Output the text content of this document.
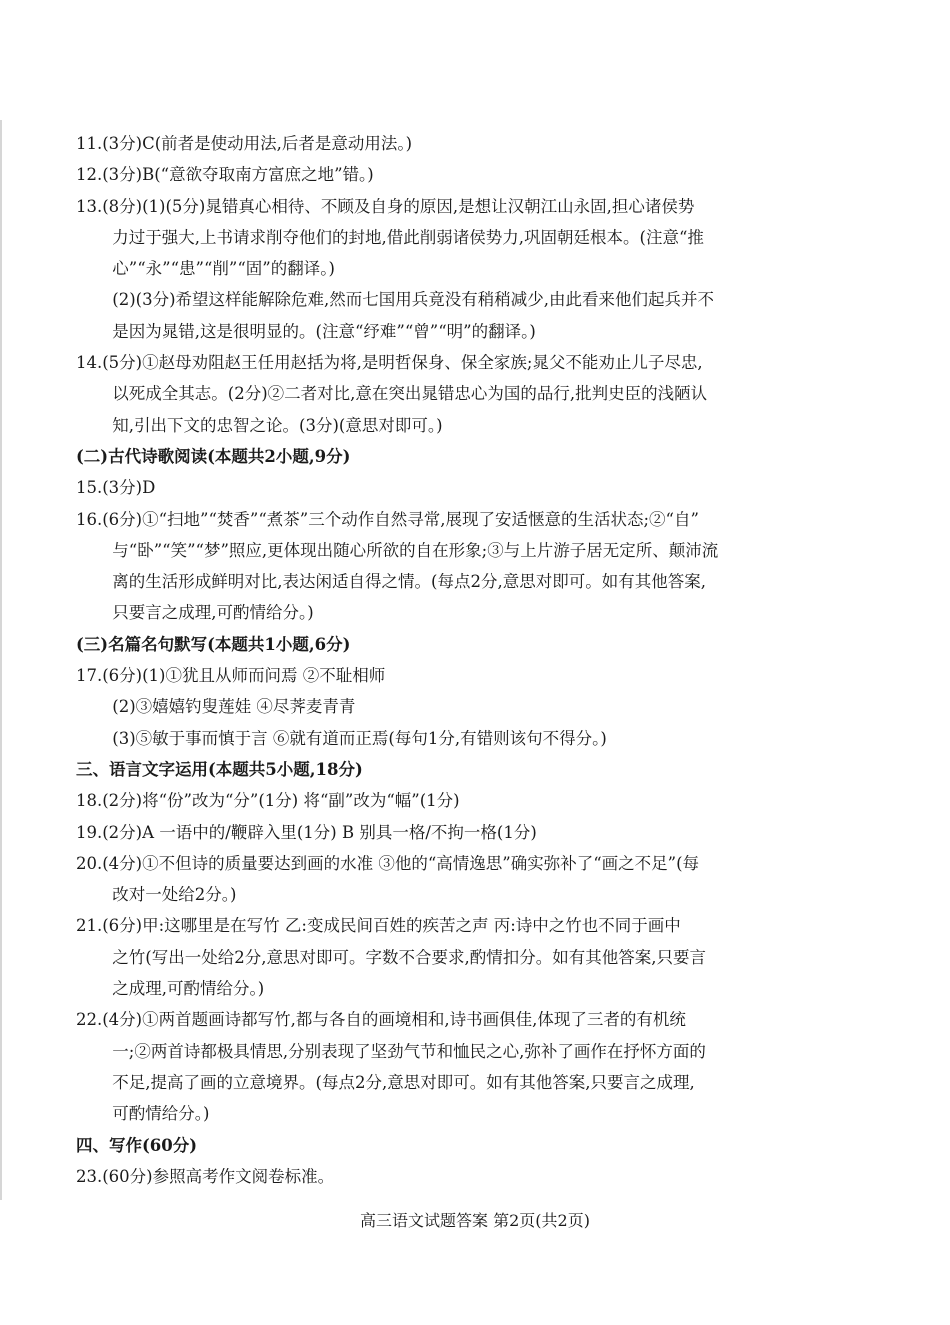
11.(3分)C(前者是使动用法,后者是意动用法。)
12.(3分)B(“意欲夺取南方富庶之地”错。)
13.(8分)(1)(5分)晁错真心相待、不顾及自身的原因,是想让汉朝江山永固,担心诸侯势
力过于强大,上书请求削夺他们的封地,借此削弱诸侯势力,巩固朝廷根本。(注意“推
心”“永”“患”“削”“固”的翻译。)
(2)(3分)希望这样能解除危难,然而七国用兵竟没有稍稍减少,由此看来他们起兵并不
是因为晁错,这是很明显的。(注意“纾难”“曾”“明”的翻译。)
14.(5分)①赵母劝阻赵王任用赵括为将,是明哲保身、保全家族;晁父不能劝止儿子尽忠,
以死成全其志。(2分)②二者对比,意在突出晁错忠心为国的品行,批判史臣的浅陋认
知,引出下文的忠智之论。(3分)(意思对即可。)
(二)古代诗歌阅读(本题共2小题,9分)
15.(3分)D
16.(6分)①“扫地”“焚香”“煮茶”三个动作自然寻常,展现了安适惬意的生活状态;②“自”
与“卧”“笑”“梦”照应,更体现出随心所欲的自在形象;③与上片游子居无定所、颠沛流
离的生活形成鲜明对比,表达闲适自得之情。(每点2分,意思对即可。如有其他答案,
只要言之成理,可酌情给分。)
(三)名篇名句默写(本题共1小题,6分)
17.(6分)(1)①犹且从师而问焉 ②不耻相师
(2)③嬉嬉钓叟莲娃 ④尽荠麦青青
(3)⑤敏于事而慎于言 ⑥就有道而正焉(每句1分,有错则该句不得分。)
三、语言文字运用(本题共5小题,18分)
18.(2分)将“份”改为“分”(1分) 将“副”改为“幅”(1分)
19.(2分)A 一语中的/鞭辟入里(1分) B 别具一格/不拘一格(1分)
20.(4分)①不但诗的质量要达到画的水准 ③他的“高情逸思”确实弥补了“画之不足”(每
改对一处给2分。)
21.(6分)甲:这哪里是在写竹 乙:变成民间百姓的疾苦之声 丙:诗中之竹也不同于画中
之竹(写出一处给2分,意思对即可。字数不合要求,酌情扣分。如有其他答案,只要言
之成理,可酌情给分。)
22.(4分)①两首题画诗都写竹,都与各自的画境相和,诗书画俱佳,体现了三者的有机统
一;②两首诗都极具情思,分别表现了坚劲气节和恤民之心,弥补了画作在抒怀方面的
不足,提高了画的立意境界。(每点2分,意思对即可。如有其他答案,只要言之成理,
可酌情给分。)
四、写作(60分)
23.(60分)参照高考作文阅卷标准。
高三语文试题答案 第2页(共2页)
